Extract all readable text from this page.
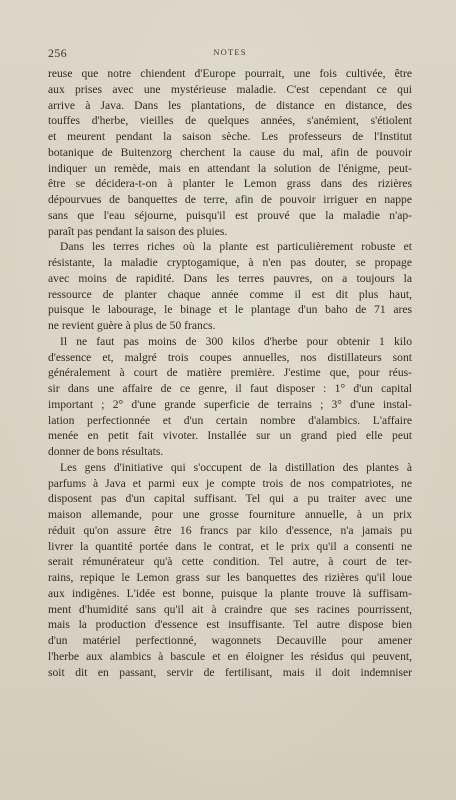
256	NOTES
reuse que notre chiendent d'Europe pourrait, une fois cultivée, être
aux prises avec une mystérieuse maladie. C'est cependant ce qui
arrive à Java. Dans les plantations, de distance en distance, des
touffes d'herbe, vieilles de quelques années, s'anémient, s'étiolent
et meurent pendant la saison sèche. Les professeurs de l'Institut
botanique de Buitenzorg cherchent la cause du mal, afin de pouvoir
indiquer un remède, mais en attendant la solution de l'énigme, peut-
être se décidera-t-on à planter le Lemon grass dans des rizières
dépourvues de banquettes de terre, afin de pouvoir irriguer en nappe
sans que l'eau séjourne, puisqu'il est prouvé que la maladie n'ap-
paraît pas pendant la saison des pluies.
Dans les terres riches où la plante est particulièrement robuste et
résistante, la maladie cryptogamique, à n'en pas douter, se propage
avec moins de rapidité. Dans les terres pauvres, on a toujours la
ressource de planter chaque année comme il est dit plus haut,
puisque le labourage, le binage et le plantage d'un baho de 71 ares
ne revient guère à plus de 50 francs.
Il ne faut pas moins de 300 kilos d'herbe pour obtenir 1 kilo
d'essence et, malgré trois coupes annuelles, nos distillateurs sont
généralement à court de matière première. J'estime que, pour réus-
sir dans une affaire de ce genre, il faut disposer : 1° d'un capital
important ; 2° d'une grande superficie de terrains ; 3° d'une instal-
lation perfectionnée et d'un certain nombre d'alambics. L'affaire
menée en petit fait vivoter. Installée sur un grand pied elle peut
donner de bons résultats.
Les gens d'initiative qui s'occupent de la distillation des plantes à
parfums à Java et parmi eux je compte trois de nos compatriotes, ne
disposent pas d'un capital suffisant. Tel qui a pu traiter avec une
maison allemande, pour une grosse fourniture annuelle, à un prix
réduit qu'on assure être 16 francs par kilo d'essence, n'a jamais pu
livrer la quantité portée dans le contrat, et le prix qu'il a consenti ne
serait rémunérateur qu'à cette condition. Tel autre, à court de ter-
rains, repique le Lemon grass sur les banquettes des rizières qu'il loue
aux indigènes. L'idée est bonne, puisque la plante trouve là suffisam-
ment d'humidité sans qu'il ait à craindre que ses racines pourrissent,
mais la production d'essence est insuffisante. Tel autre dispose bien
d'un matériel perfectionné, wagonnets Decauville pour amener
l'herbe aux alambics à bascule et en éloigner les résidus qui peuvent,
soit dit en passant, servir de fertilisant, mais il doit indemniser
